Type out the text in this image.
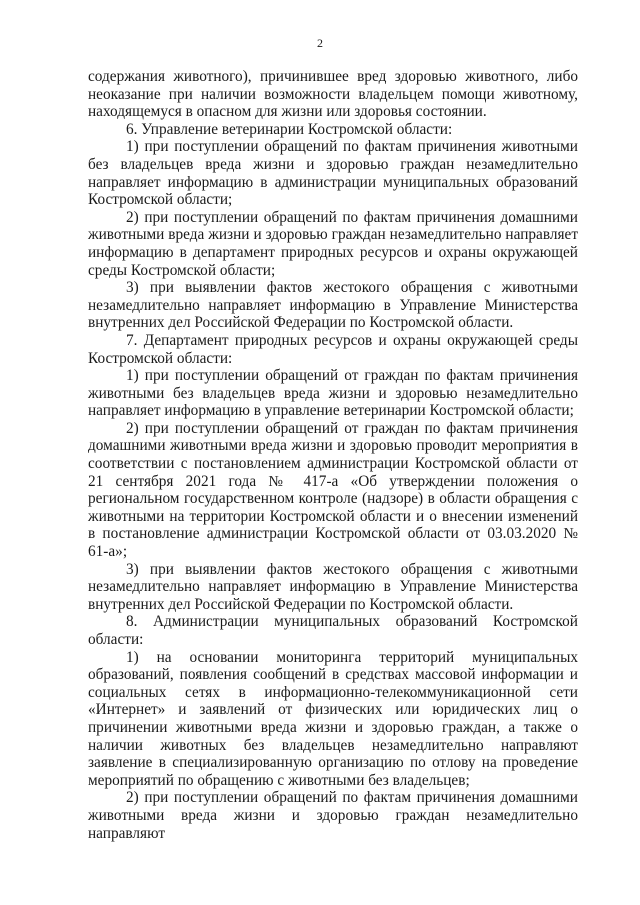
2

содержания животного), причинившее вред здоровью животного, либо неоказание при наличии возможности владельцем помощи животному, находящемуся в опасном для жизни или здоровья состоянии.

6. Управление ветеринарии Костромской области:

1) при поступлении обращений по фактам причинения животными без владельцев вреда жизни и здоровью граждан незамедлительно направляет информацию в администрации муниципальных образований Костромской области;

2) при поступлении обращений по фактам причинения домашними животными вреда жизни и здоровью граждан незамедлительно направляет информацию в департамент природных ресурсов и охраны окружающей среды Костромской области;

3) при выявлении фактов жестокого обращения с животными незамедлительно направляет информацию в Управление Министерства внутренних дел Российской Федерации по Костромской области.

7. Департамент природных ресурсов и охраны окружающей среды Костромской области:

1) при поступлении обращений от граждан по фактам причинения животными без владельцев вреда жизни и здоровью незамедлительно направляет информацию в управление ветеринарии Костромской области;

2) при поступлении обращений от граждан по фактам причинения домашними животными вреда жизни и здоровью проводит мероприятия в соответствии с постановлением администрации Костромской области от 21 сентября 2021 года № 417-а «Об утверждении положения о региональном государственном контроле (надзоре) в области обращения с животными на территории Костромской области и о внесении изменений в постановление администрации Костромской области от 03.03.2020 № 61-а»;

3) при выявлении фактов жестокого обращения с животными незамедлительно направляет информацию в Управление Министерства внутренних дел Российской Федерации по Костромской области.

8. Администрации муниципальных образований Костромской области:

1) на основании мониторинга территорий муниципальных образований, появления сообщений в средствах массовой информации и социальных сетях в информационно-телекоммуникационной сети «Интернет» и заявлений от физических или юридических лиц о причинении животными вреда жизни и здоровью граждан, а также о наличии животных без владельцев незамедлительно направляют заявление в специализированную организацию по отлову на проведение мероприятий по обращению с животными без владельцев;

2) при поступлении обращений по фактам причинения домашними животными вреда жизни и здоровью граждан незамедлительно направляют
